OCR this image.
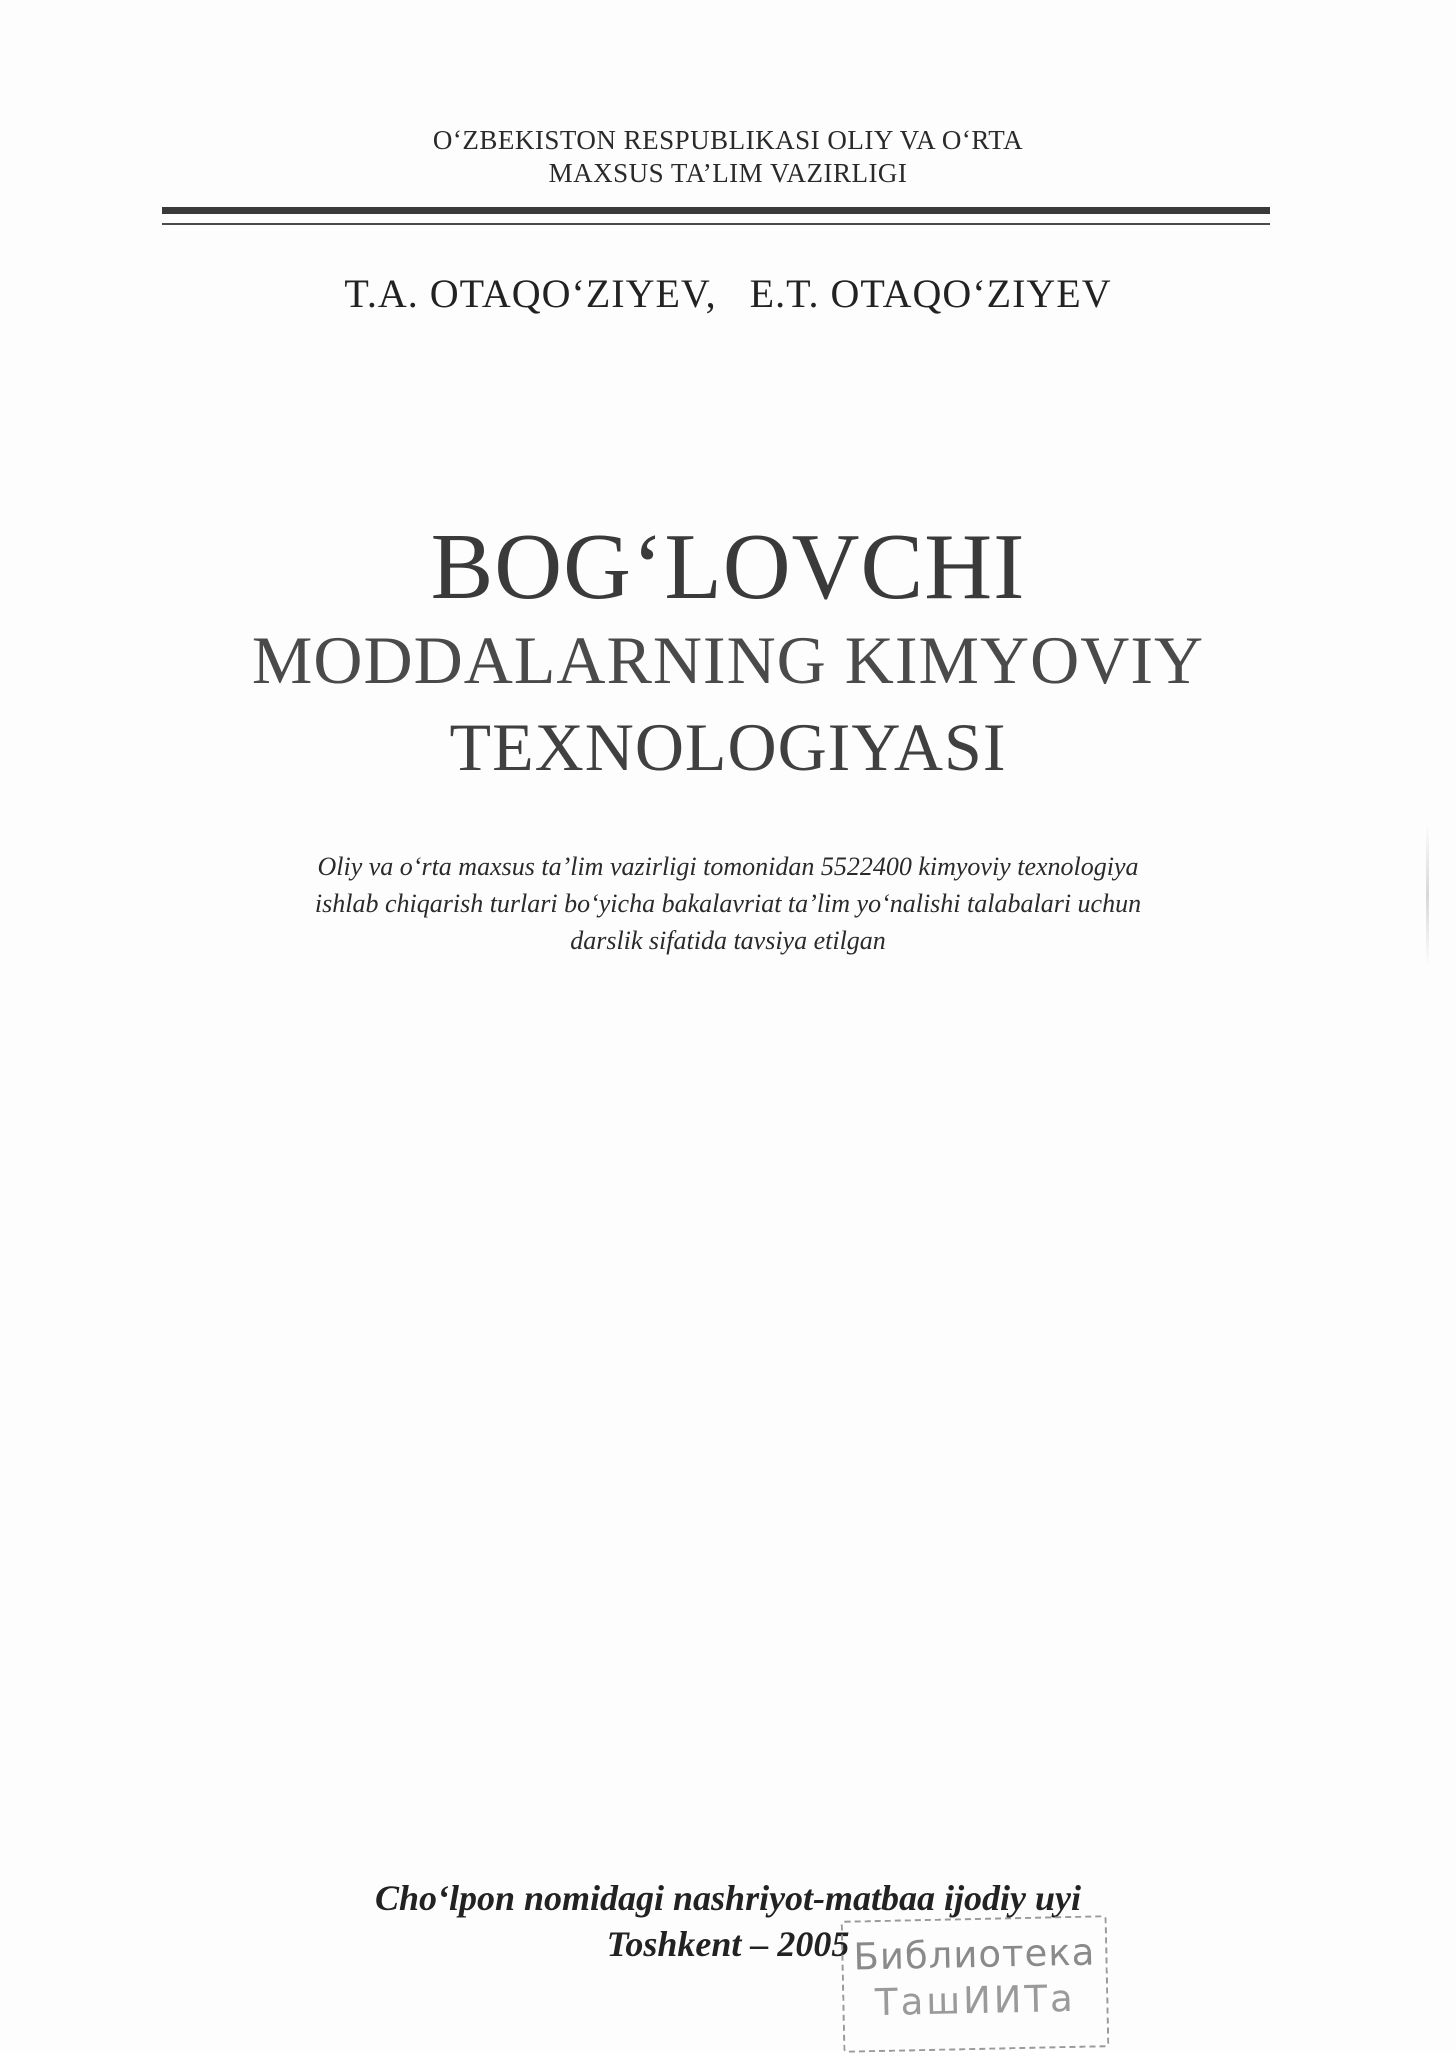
O‘ZBEKISTON RESPUBLIKASI OLIY VA O‘RTA
MAXSUS TA’LIM VAZIRLIGI
T.A. OTAQO‘ZIYEV,   E.T. OTAQO‘ZIYEV
BOG‘LOVCHI
MODDALARNING KIMYOVIY
TEXNOLOGIYASI
Oliy va o‘rta maxsus ta’lim vazirligi tomonidan 5522400 kimyoviy texnologiya
ishlab chiqarish turlari bo‘yicha bakalavriat ta’lim yo‘nalishi talabalari uchun
darslik sifatida tavsiya etilgan
Cho‘lpon nomidagi nashriyot-matbaa ijodiy uyi
Toshkent – 2005 Библиотека
ТашИИТа
